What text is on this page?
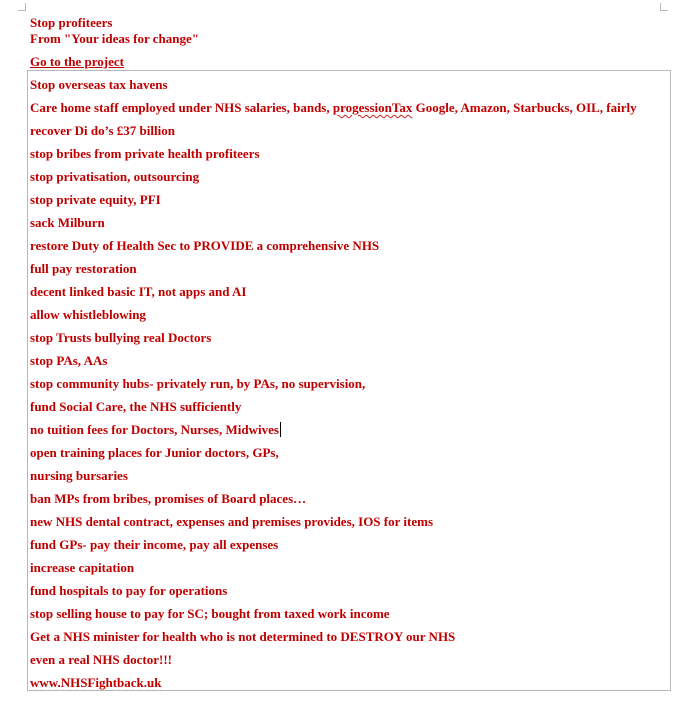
Stop profiteers
From "Your ideas for change"
Go to the project
Stop overseas tax havens
Care home staff employed under NHS salaries, bands, progessionTax Google, Amazon, Starbucks, OIL, fairly
recover Di do’s £37 billion
stop bribes from private health profiteers
stop privatisation, outsourcing
stop private equity, PFI
sack Milburn
restore Duty of Health Sec to PROVIDE a comprehensive NHS
full pay restoration
decent linked basic IT, not apps and AI
allow whistleblowing
stop Trusts bullying real Doctors
stop PAs, AAs
stop community hubs- privately run, by PAs, no supervision,
fund Social Care, the NHS sufficiently
no tuition fees for Doctors, Nurses, Midwives
open training places for Junior doctors, GPs,
nursing bursaries
ban MPs from bribes, promises of Board places…
new NHS dental contract, expenses and premises provides, IOS for items
fund GPs- pay their income, pay all expenses
increase capitation
fund hospitals to pay for operations
stop selling house to pay for SC; bought from taxed work income
Get a NHS minister for health who is not determined to DESTROY our NHS
even a real NHS doctor!!!
www.NHSFightback.uk
